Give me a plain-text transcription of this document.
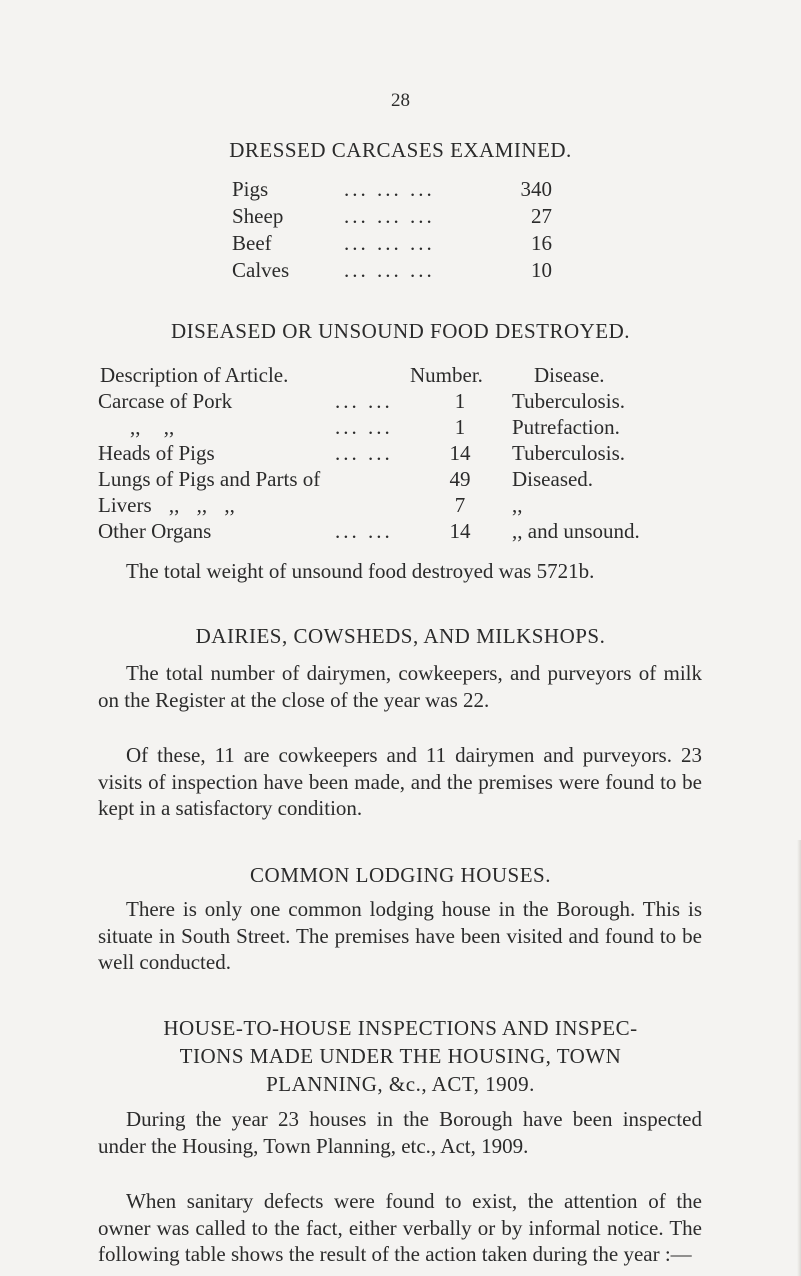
28
DRESSED CARCASES EXAMINED.
Pigs	... ... ...	340
Sheep	... ... ...	27
Beef	... ... ...	16
Calves	... ... ...	10
DISEASED OR UNSOUND FOOD DESTROYED.
Description of Article.	Number. Disease.
Carcase of Pork	... ...	1	Tuberculosis.
,, ,,	... ...	1	Putrefaction.
Heads of Pigs	... ...	14	Tuberculosis.
Lungs of Pigs and Parts of	49	Diseased.
Livers ,, ,, ,,	7	,,
Other Organs	... ...	14	,, and unsound.
The total weight of unsound food destroyed was 5721b.
DAIRIES, COWSHEDS, AND MILKSHOPS.
The total number of dairymen, cowkeepers, and purveyors of milk on the Register at the close of the year was 22.
Of these, 11 are cowkeepers and 11 dairymen and purveyors. 23 visits of inspection have been made, and the premises were found to be kept in a satisfactory condition.
COMMON LODGING HOUSES.
There is only one common lodging house in the Borough. This is situate in South Street. The premises have been visited and found to be well conducted.
HOUSE-TO-HOUSE INSPECTIONS AND INSPEC-
TIONS MADE UNDER THE HOUSING, TOWN
PLANNING, &c., ACT, 1909.
During the year 23 houses in the Borough have been inspected under the Housing, Town Planning, etc., Act, 1909.
When sanitary defects were found to exist, the attention of the owner was called to the fact, either verbally or by informal notice. The following table shows the result of the action taken during the year :—
